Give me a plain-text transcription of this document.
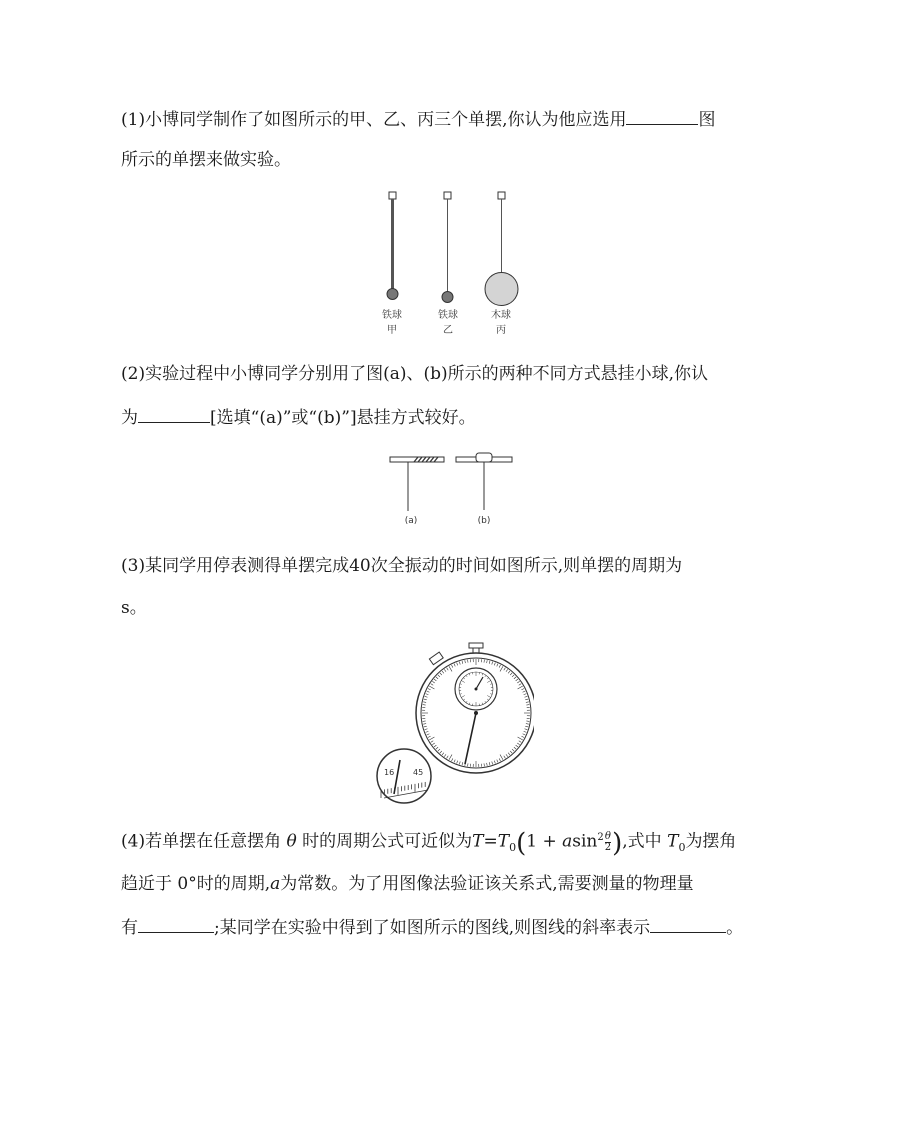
(1)小博同学制作了如图所示的甲、乙、丙三个单摆,你认为他应选用	图
所示的单摆来做实验。
铁球
甲
铁球
乙
木球
丙
(2)实验过程中小博同学分别用了图(a)、(b)所示的两种不同方式悬挂小球,你认
为	[选填“(a)”或“(b)”]悬挂方式较好。
(a)	(b)
(3)某同学用停表测得单摆完成40次全振动的时间如图所示,则单摆的周期为
s。
16 45
(4)若单摆在任意摆角 θ 时的周期公式可近似为$T=T_0(1 + asin^2 \frac{\theta}{2}$ ),式中 $T_0$为摆角
趋近于 0°时的周期,a为常数。为了用图像法验证该关系式,需要测量的物理量
有	;某同学在实验中得到了如图所示的图线,则图线的斜率表示	。
